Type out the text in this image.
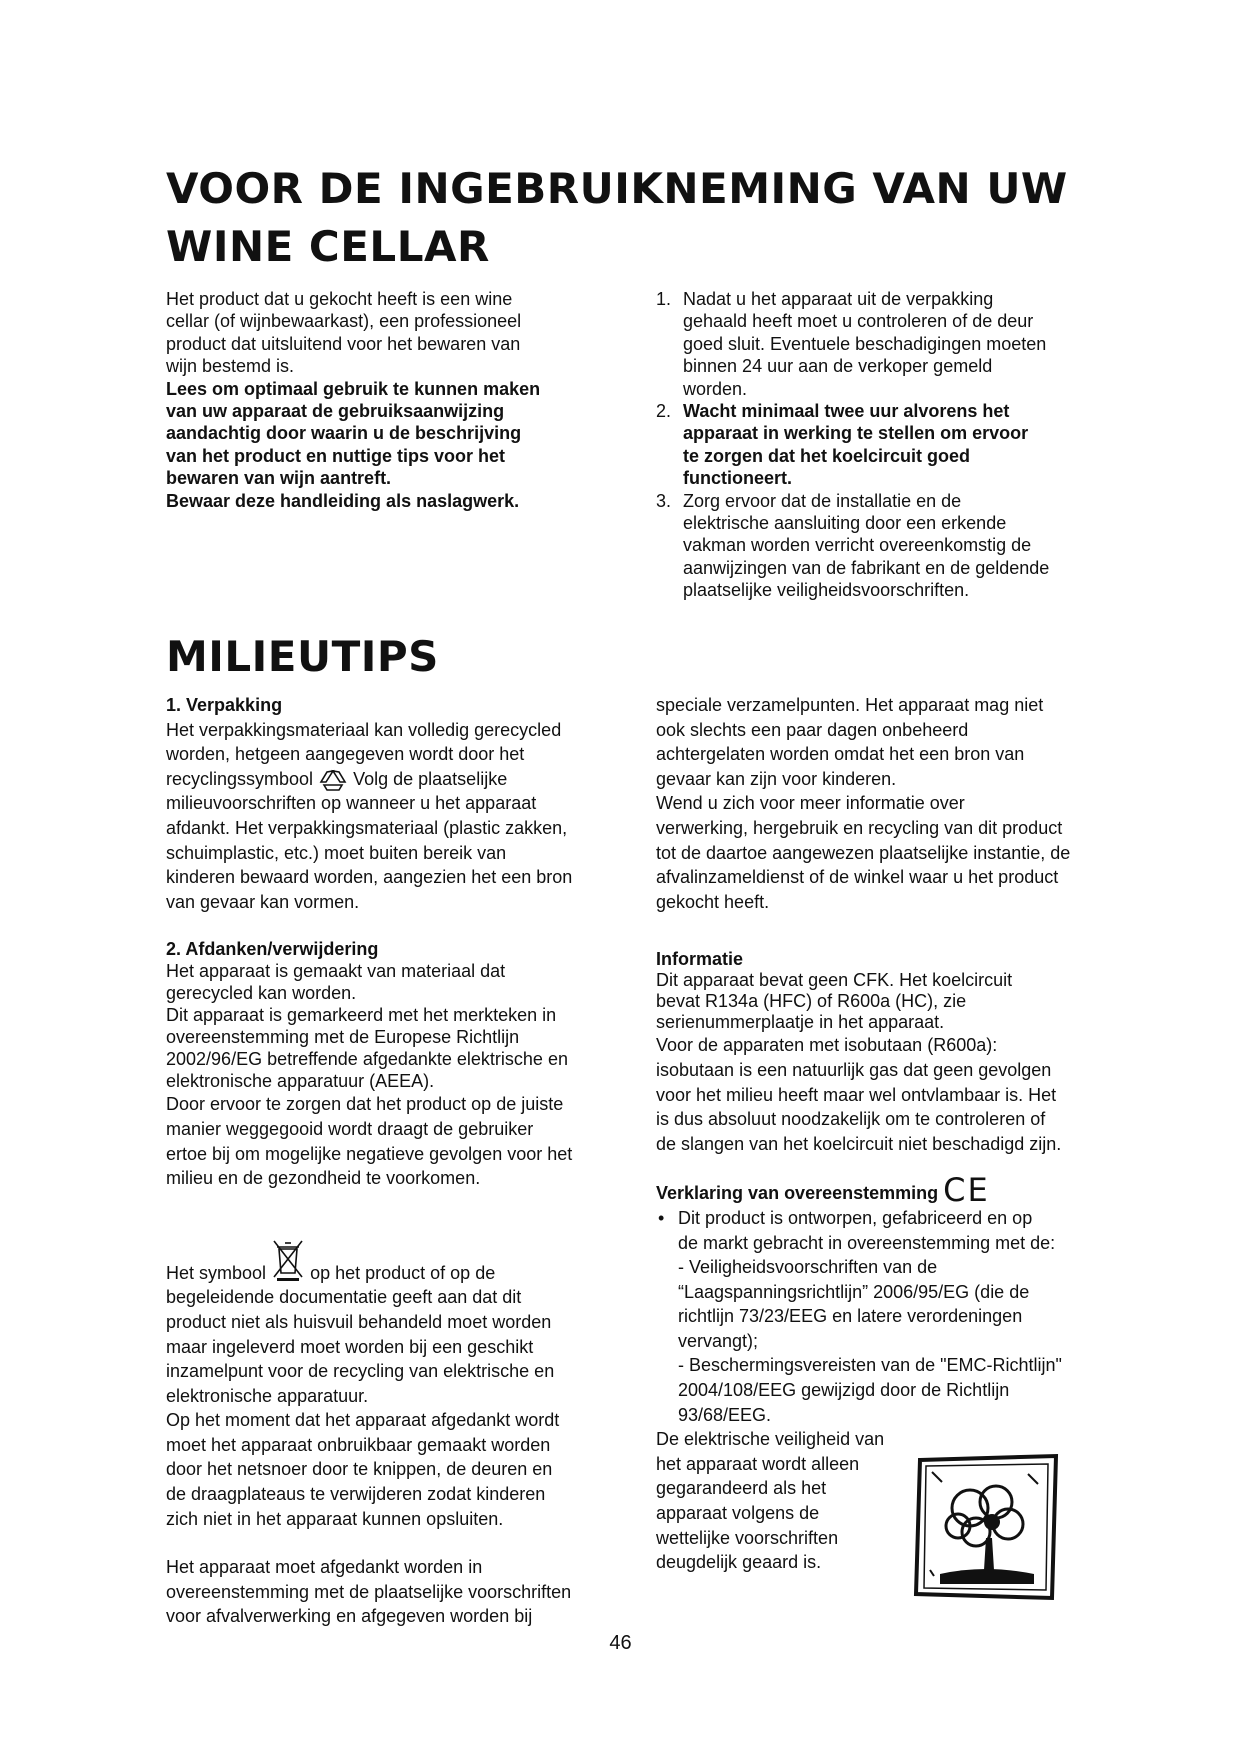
VOOR DE INGEBRUIKNEMING VAN UW
WINE CELLAR

Het product dat u gekocht heeft is een wine
cellar (of wijnbewaarkast), een professioneel
product dat uitsluitend voor het bewaren van
wijn bestemd is.

Lees om optimaal gebruik te kunnen maken
van uw apparaat de gebruiksaanwijzing
aandachtig door waarin u de beschrijving
van het product en nuttige tips voor het
bewaren van wijn aantreft.

Bewaar deze handleiding als naslagwerk.

1. Nadat u het apparaat uit de verpakking
gehaald heeft moet u controleren of de deur
goed sluit. Eventuele beschadigingen moeten
binnen 24 uur aan de verkoper gemeld
worden.
2. Wacht minimaal twee uur alvorens het
apparaat in werking te stellen om ervoor
te zorgen dat het koelcircuit goed
functioneert.
3. Zorg ervoor dat de installatie en de
elektrische aansluiting door een erkende
vakman worden verricht overeenkomstig de
aanwijzingen van de fabrikant en de geldende
plaatselijke veiligheidsvoorschriften.
MILIEUTIPS

1. Verpakking

Het verpakkingsmateriaal kan volledig gerecycled
worden, hetgeen aangegeven wordt door het
recyclingssymbool Volg de plaatselijke
milieuvoorschriften op wanneer u het apparaat
afdankt. Het verpakkingsmateriaal (plastic zakken,
schuimplastic, etc.) moet buiten bereik van
kinderen bewaard worden, aangezien het een bron
van gevaar kan vormen.

2. Afdanken/verwijdering

Het apparaat is gemaakt van materiaal dat
gerecycled kan worden.

Dit apparaat is gemarkeerd met het merkteken in
overeenstemming met de Europese Richtlijn
2002/96/EG betreffende afgedankte elektrische en
elektronische apparatuur (AEEA).

Door ervoor te zorgen dat het product op de juiste
manier weggegooid wordt draagt de gebruiker
ertoe bij om mogelijke negatieve gevolgen voor het
milieu en de gezondheid te voorkomen.

Het symbool op het product of op de
begeleidende documentatie geeft aan dat dit
product niet als huisvuil behandeld moet worden
maar ingeleverd moet worden bij een geschikt
inzamelpunt voor de recycling van elektrische en
elektronische apparatuur.

Op het moment dat het apparaat afgedankt wordt
moet het apparaat onbruikbaar gemaakt worden
door het netsnoer door te knippen, de deuren en
de draagplateaus te verwijderen zodat kinderen
zich niet in het apparaat kunnen opsluiten.

Het apparaat moet afgedankt worden in
overeenstemming met de plaatselijke voorschriften
voor afvalverwerking en afgegeven worden bij

speciale verzamelpunten. Het apparaat mag niet
ook slechts een paar dagen onbeheerd
achtergelaten worden omdat het een bron van
gevaar kan zijn voor kinderen.

Wend u zich voor meer informatie over
verwerking, hergebruik en recycling van dit product
tot de daartoe aangewezen plaatselijke instantie, de
afvalinzameldienst of de winkel waar u het product
gekocht heeft.

Informatie

Dit apparaat bevat geen CFK. Het koelcircuit
bevat R134a (HFC) of R600a (HC), zie
serienummerplaatje in het apparaat.

Voor de apparaten met isobutaan (R600a):
isobutaan is een natuurlijk gas dat geen gevolgen
voor het milieu heeft maar wel ontvlambaar is. Het
is dus absoluut noodzakelijk om te controleren of
de slangen van het koelcircuit niet beschadigd zijn.

Verklaring van overeenstemming CE

• Dit product is ontworpen, gefabriceerd en op
de markt gebracht in overeenstemming met de:
- Veiligheidsvoorschriften van de
“Laagspanningsrichtlijn” 2006/95/EG (die de
richtlijn 73/23/EEG en latere verordeningen
vervangt);
- Beschermingsvereisten van de "EMC-Richtlijn"
2004/108/EEG gewijzigd door de Richtlijn
93/68/EEG.

De elektrische veiligheid van
het apparaat wordt alleen
gegarandeerd als het
apparaat volgens de
wettelijke voorschriften
deugdelijk geaard is.

46
